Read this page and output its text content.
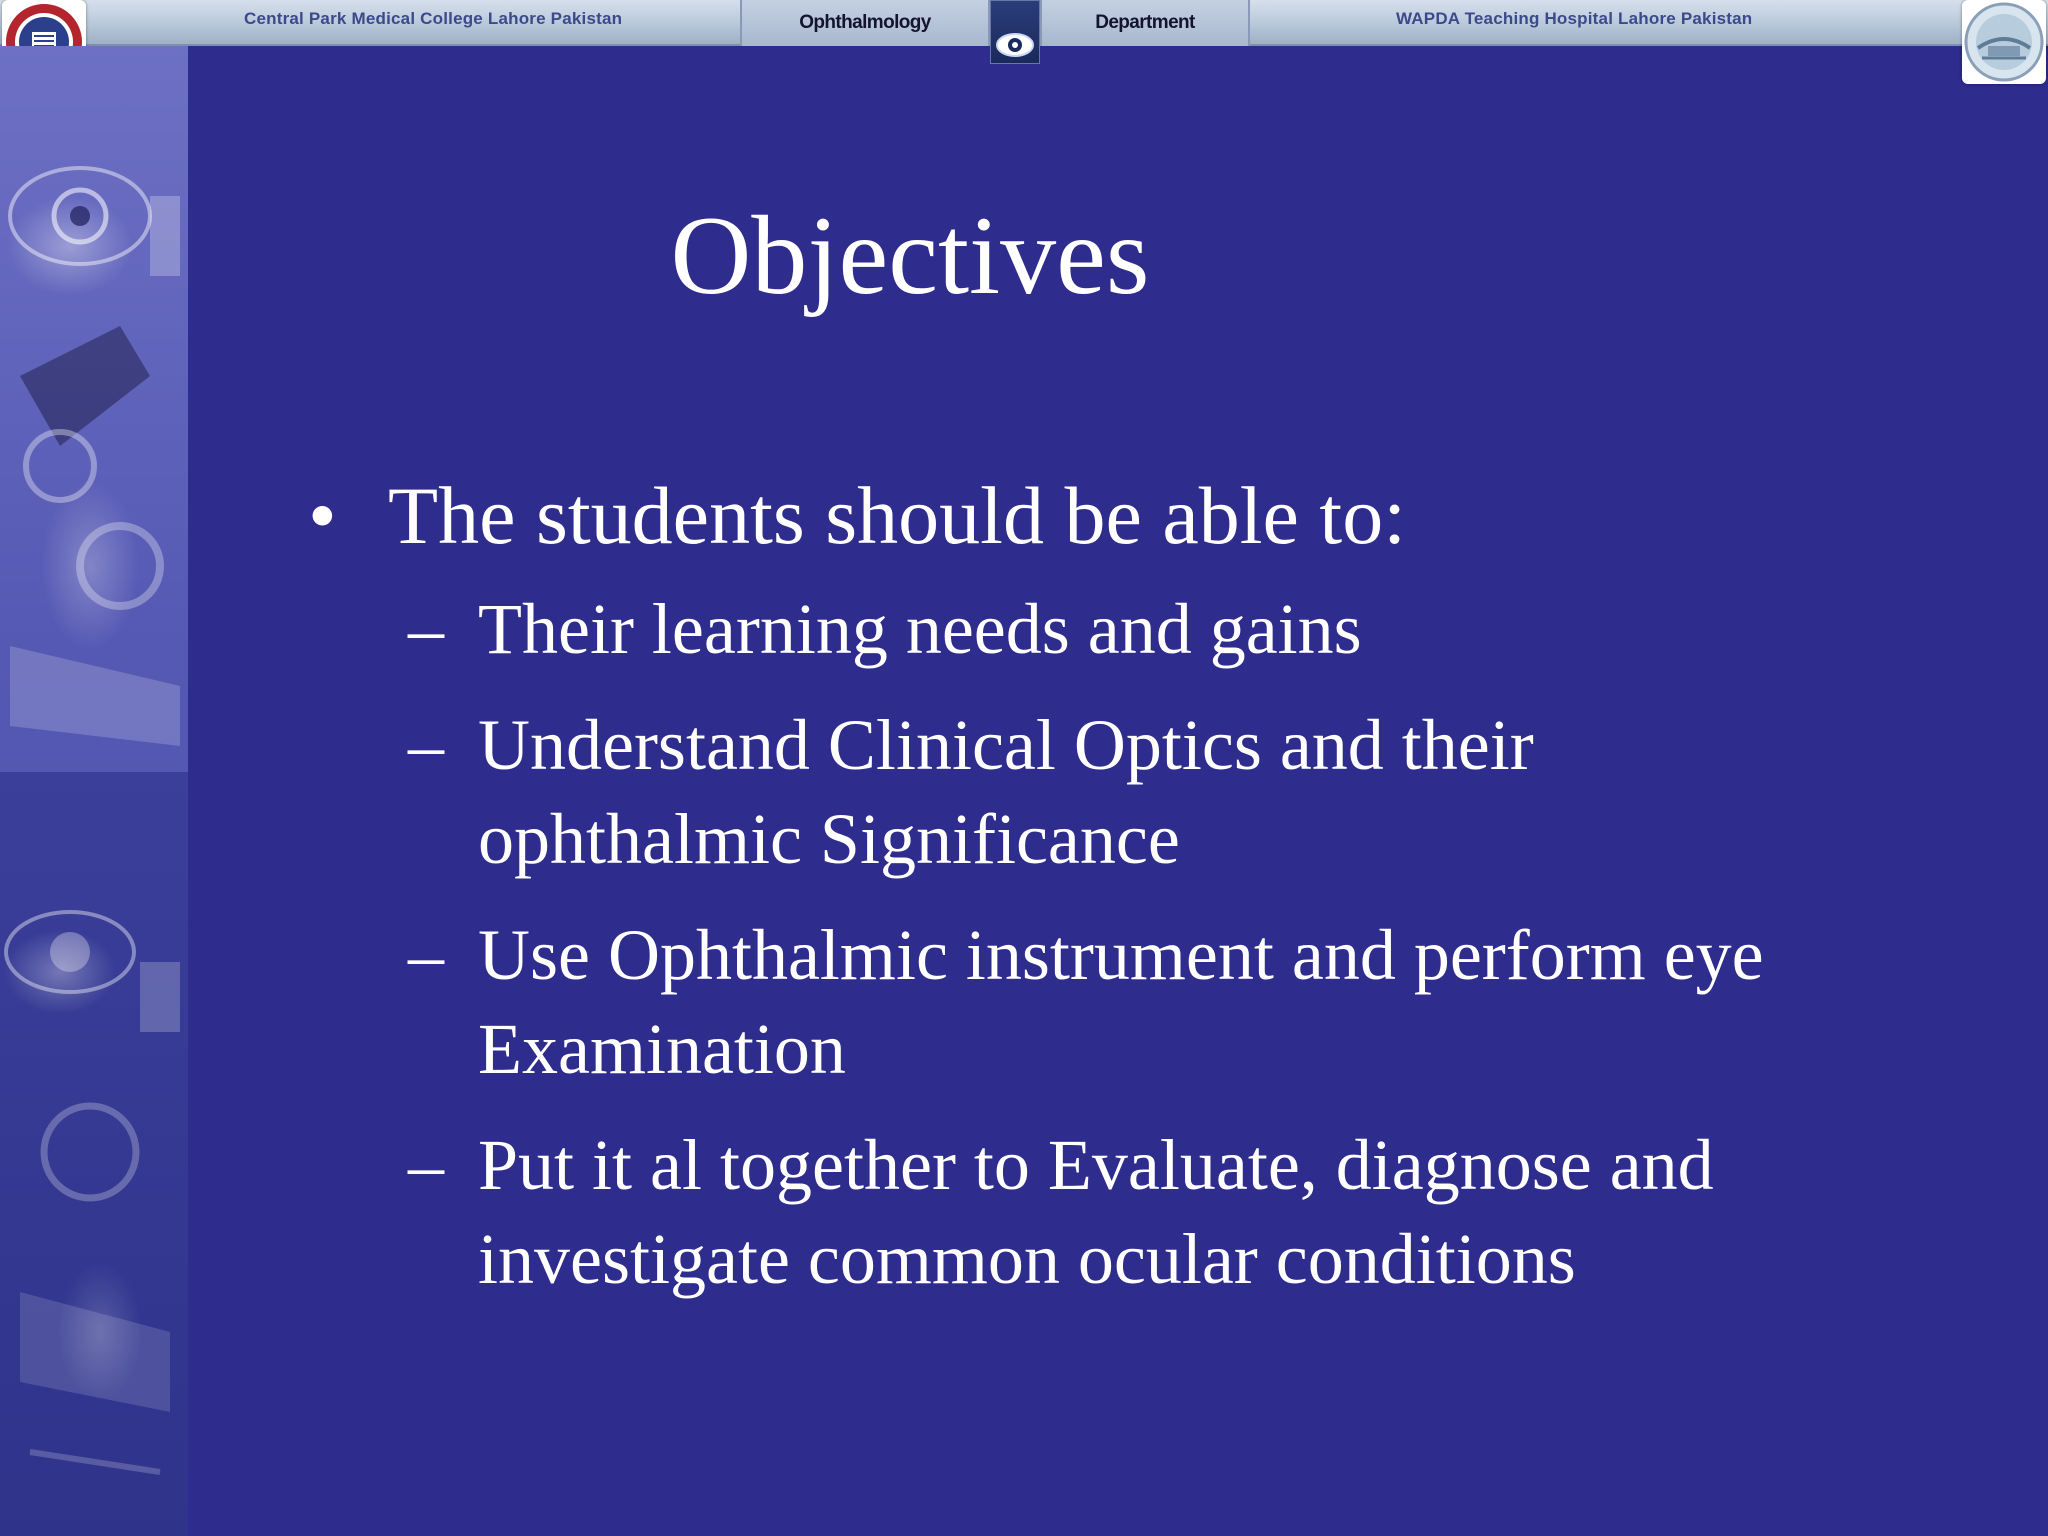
Central Park Medical College Lahore Pakistan	WAPDA Teaching Hospital Lahore Pakistan
Ophthalmology	Department
Objectives
• The students should be able to:
– Their learning needs and gains
– Understand Clinical Optics and their ophthalmic Significance
– Use Ophthalmic instrument and perform eye Examination
– Put it al together to Evaluate, diagnose and investigate common ocular conditions
